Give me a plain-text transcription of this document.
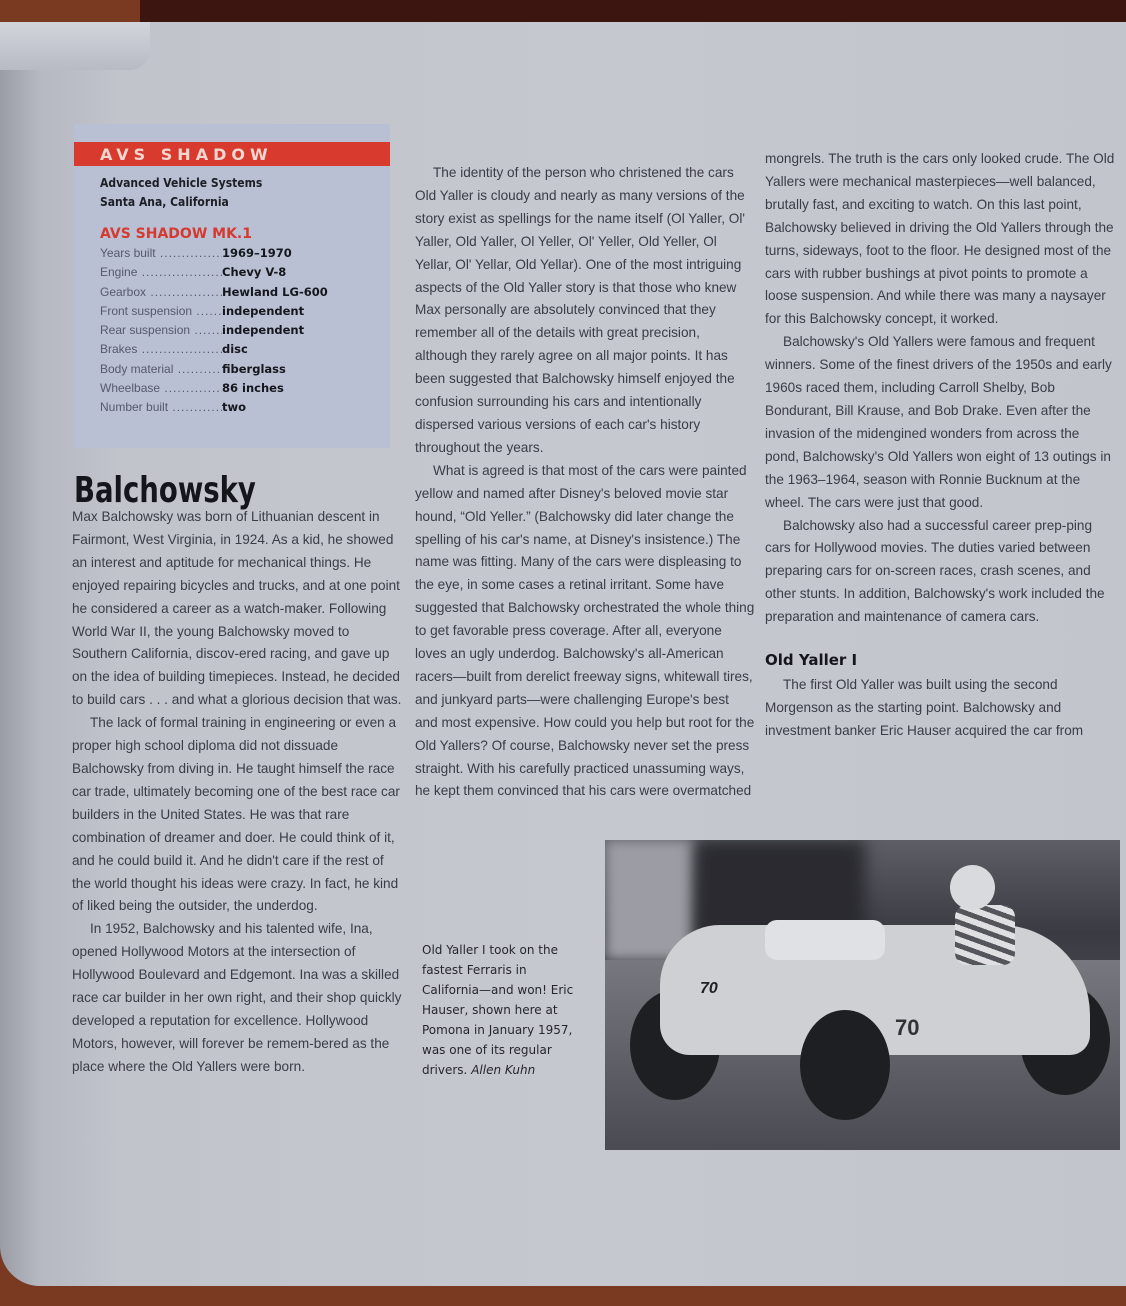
AVS SHADOW
Advanced Vehicle Systems
Santa Ana, California
AVS SHADOW MK.1
Years built .....	1969–1970
Engine .....	Chevy V-8
Gearbox .....	Hewland LG-600
Front suspension .....	independent
Rear suspension .....	independent
Brakes .....	disc
Body material .....	fiberglass
Wheelbase .....	86 inches
Number built .....	two
Balchowsky

Max Balchowsky was born of Lithuanian descent in Fairmont, West Virginia, in 1924. As a kid, he showed an interest and aptitude for mechanical things. He enjoyed repairing bicycles and trucks, and at one point he considered a career as a watch-maker. Following World War II, the young Balchowsky moved to Southern California, discov-ered racing, and gave up on the idea of building timepieces. Instead, he decided to build cars . . . and what a glorious decision that was.

The lack of formal training in engineering or even a proper high school diploma did not dissuade Balchowsky from diving in. He taught himself the race car trade, ultimately becoming one of the best race car builders in the United States. He was that rare combination of dreamer and doer. He could think of it, and he could build it. And he didn't care if the rest of the world thought his ideas were crazy. In fact, he kind of liked being the outsider, the underdog.

In 1952, Balchowsky and his talented wife, Ina, opened Hollywood Motors at the intersection of Hollywood Boulevard and Edgemont. Ina was a skilled race car builder in her own right, and their shop quickly developed a reputation for excellence. Hollywood Motors, however, will forever be remem-bered as the place where the Old Yallers were born.

The identity of the person who christened the cars Old Yaller is cloudy and nearly as many versions of the story exist as spellings for the name itself (Ol Yaller, Ol' Yaller, Old Yaller, Ol Yeller, Ol' Yeller, Old Yeller, Ol Yellar, Ol' Yellar, Old Yellar). One of the most intriguing aspects of the Old Yaller story is that those who knew Max personally are absolutely convinced that they remember all of the details with great precision, although they rarely agree on all major points. It has been suggested that Balchowsky himself enjoyed the confusion surrounding his cars and intentionally dispersed various versions of each car's history throughout the years.

What is agreed is that most of the cars were painted yellow and named after Disney's beloved movie star hound, “Old Yeller.” (Balchowsky did later change the spelling of his car's name, at Disney's insistence.) The name was fitting. Many of the cars were displeasing to the eye, in some cases a retinal irritant. Some have suggested that Balchowsky orchestrated the whole thing to get favorable press coverage. After all, everyone loves an ugly underdog. Balchowsky's all-American racers—built from derelict freeway signs, whitewall tires, and junkyard parts—were challenging Europe's best and most expensive. How could you help but root for the Old Yallers? Of course, Balchowsky never set the press straight. With his carefully practiced unassuming ways, he kept them convinced that his cars were overmatched

mongrels. The truth is the cars only looked crude. The Old Yallers were mechanical masterpieces—well balanced, brutally fast, and exciting to watch. On this last point, Balchowsky believed in driving the Old Yallers through the turns, sideways, foot to the floor. He designed most of the cars with rubber bushings at pivot points to promote a loose suspension. And while there was many a naysayer for this Balchowsky concept, it worked.

Balchowsky's Old Yallers were famous and frequent winners. Some of the finest drivers of the 1950s and early 1960s raced them, including Carroll Shelby, Bob Bondurant, Bill Krause, and Bob Drake. Even after the invasion of the midengined wonders from across the pond, Balchowsky's Old Yallers won eight of 13 outings in the 1963–1964, season with Ronnie Bucknum at the wheel. The cars were just that good.

Balchowsky also had a successful career prep-ping cars for Hollywood movies. The duties varied between preparing cars for on-screen races, crash scenes, and other stunts. In addition, Balchowsky's work included the preparation and maintenance of camera cars.

Old Yaller I

The first Old Yaller was built using the second Morgenson as the starting point. Balchowsky and investment banker Eric Hauser acquired the car from

Old Yaller I took on the fastest Ferraris in California—and won! Eric Hauser, shown here at Pomona in January 1957, was one of its regular drivers. Allen Kuhn
70
70
